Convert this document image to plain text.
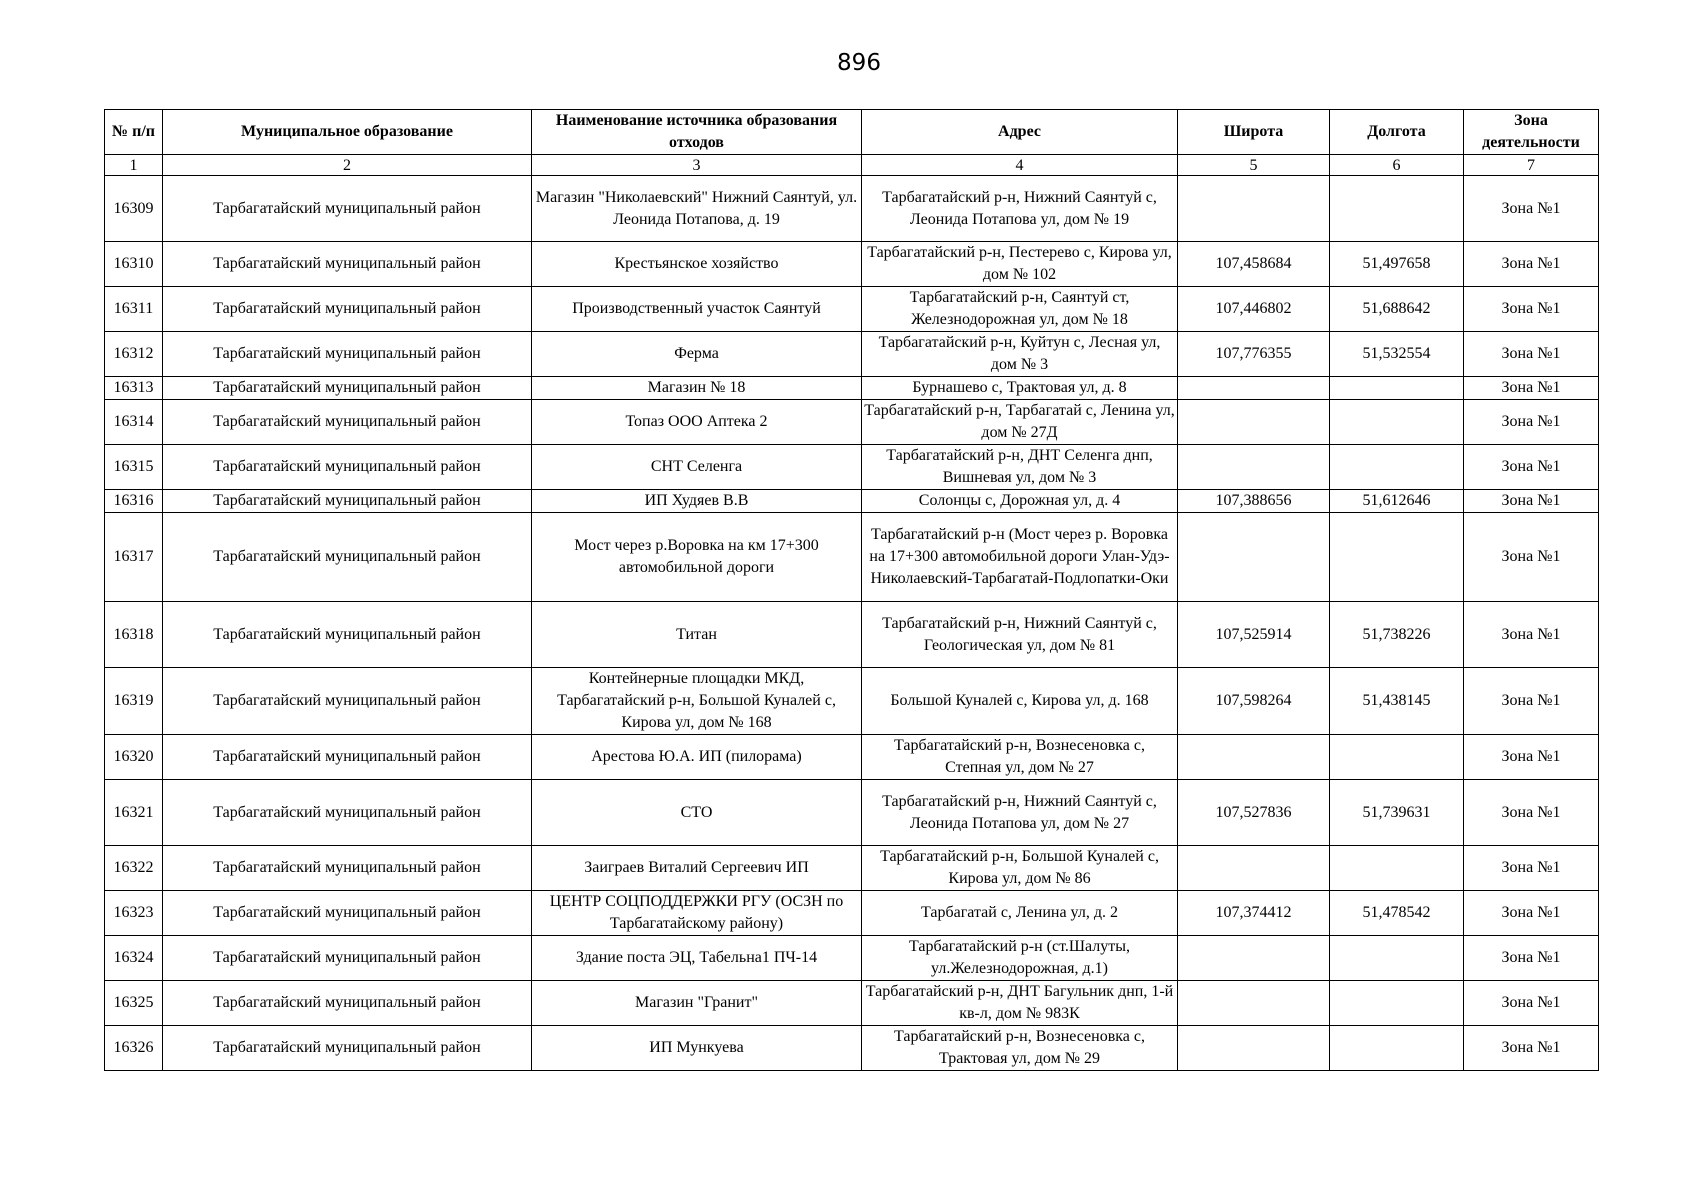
896
№ п/п	Муниципальное образование	Наименование источника образования отходов	Адрес	Широта	Долгота	Зона деятельности
1	2	3	4	5	6	7
16309	Тарбагатайский муниципальный район	Магазин "Николаевский" Нижний Саянтуй, ул. Леонида Потапова, д. 19	Тарбагатайский р-н, Нижний Саянтуй с, Леонида Потапова ул, дом № 19			Зона №1
16310	Тарбагатайский муниципальный район	Крестьянское хозяйство	Тарбагатайский р-н, Пестерево с, Кирова ул, дом № 102	107,458684	51,497658	Зона №1
16311	Тарбагатайский муниципальный район	Производственный участок Саянтуй	Тарбагатайский р-н, Саянтуй ст, Железнодорожная ул, дом № 18	107,446802	51,688642	Зона №1
16312	Тарбагатайский муниципальный район	Ферма	Тарбагатайский р-н, Куйтун с, Лесная ул, дом № 3	107,776355	51,532554	Зона №1
16313	Тарбагатайский муниципальный район	Магазин № 18	Бурнашево с, Трактовая ул, д. 8			Зона №1
16314	Тарбагатайский муниципальный район	Топаз ООО Аптека 2	Тарбагатайский р-н, Тарбагатай с, Ленина ул, дом № 27Д			Зона №1
16315	Тарбагатайский муниципальный район	СНТ Селенга	Тарбагатайский р-н, ДНТ Селенга днп, Вишневая ул, дом № 3			Зона №1
16316	Тарбагатайский муниципальный район	ИП Худяев В.В	Солонцы с, Дорожная ул, д. 4	107,388656	51,612646	Зона №1
16317	Тарбагатайский муниципальный район	Мост через р.Воровка на км 17+300 автомобильной дороги	Тарбагатайский р-н (Мост через р. Воровка на 17+300 автомобильной дороги Улан-Удэ-Николаевский-Тарбагатай-Подлопатки-Оки			Зона №1
16318	Тарбагатайский муниципальный район	Титан	Тарбагатайский р-н, Нижний Саянтуй с, Геологическая ул, дом № 81	107,525914	51,738226	Зона №1
16319	Тарбагатайский муниципальный район	Контейнерные площадки МКД, Тарбагатайский р-н, Большой Куналей с, Кирова ул, дом № 168	Большой Куналей с, Кирова ул, д. 168	107,598264	51,438145	Зона №1
16320	Тарбагатайский муниципальный район	Арестова Ю.А. ИП (пилорама)	Тарбагатайский р-н, Вознесеновка с, Степная ул, дом № 27			Зона №1
16321	Тарбагатайский муниципальный район	СТО	Тарбагатайский р-н, Нижний Саянтуй с, Леонида Потапова ул, дом № 27	107,527836	51,739631	Зона №1
16322	Тарбагатайский муниципальный район	Заиграев Виталий Сергеевич ИП	Тарбагатайский р-н, Большой Куналей с, Кирова ул, дом № 86			Зона №1
16323	Тарбагатайский муниципальный район	ЦЕНТР СОЦПОДДЕРЖКИ РГУ (ОСЗН по Тарбагатайскому району)	Тарбагатай с, Ленина ул, д. 2	107,374412	51,478542	Зона №1
16324	Тарбагатайский муниципальный район	Здание поста ЭЦ, Табельна1 ПЧ-14	Тарбагатайский р-н (ст.Шалуты, ул.Железнодорожная, д.1)			Зона №1
16325	Тарбагатайский муниципальный район	Магазин "Гранит"	Тарбагатайский р-н, ДНТ Багульник днп, 1-й кв-л, дом № 983К			Зона №1
16326	Тарбагатайский муниципальный район	ИП Мункуева	Тарбагатайский р-н, Вознесеновка с, Трактовая ул, дом № 29			Зона №1
